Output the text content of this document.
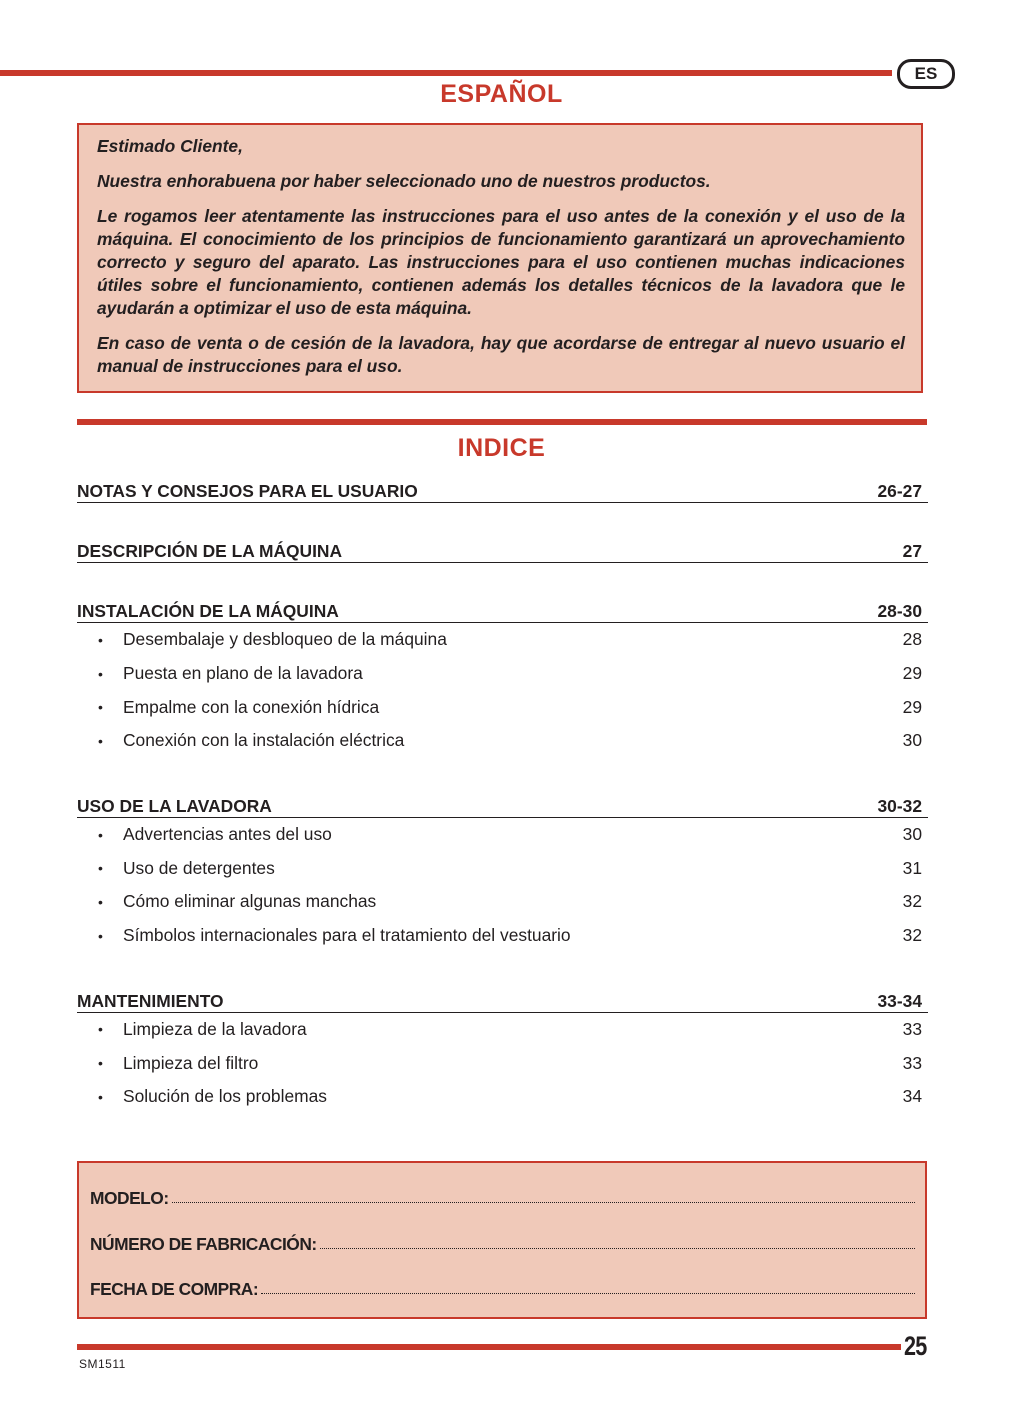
ES
ESPAÑOL

Estimado Cliente,

Nuestra enhorabuena por haber seleccionado uno de nuestros productos.

Le rogamos leer atentamente las instrucciones para el uso antes de la conexión y el uso de la máquina. El conocimiento de los principios de funcionamiento garantizará un aprovechamiento correcto y seguro del aparato. Las instrucciones para el uso contienen muchas indicaciones útiles sobre el funcionamiento, contienen además los detalles técnicos de la lavadora que le ayudarán a optimizar el uso de esta máquina.

En caso de venta o de cesión de la lavadora, hay que acordarse de entregar al nuevo usuario el manual de instrucciones para el uso.

INDICE
NOTAS Y CONSEJOS PARA EL USUARIO	26-27
DESCRIPCIÓN DE LA MÁQUINA	27
INSTALACIÓN DE LA MÁQUINA	28-30
•	Desembalaje y desbloqueo de la máquina	28
•	Puesta en plano de la lavadora	29
•	Empalme con la conexión hídrica	29
•	Conexión con la instalación eléctrica	30
USO DE LA LAVADORA	30-32
•	Advertencias antes del uso	30
•	Uso de detergentes	31
•	Cómo eliminar algunas manchas	32
•	Símbolos internacionales para el tratamiento del vestuario	32
MANTENIMIENTO	33-34
•	Limpieza de la lavadora	33
•	Limpieza del filtro	33
•	Solución de los problemas	34
MODELO:
NÚMERO DE FABRICACIÓN:
FECHA DE COMPRA:
25
SM1511
